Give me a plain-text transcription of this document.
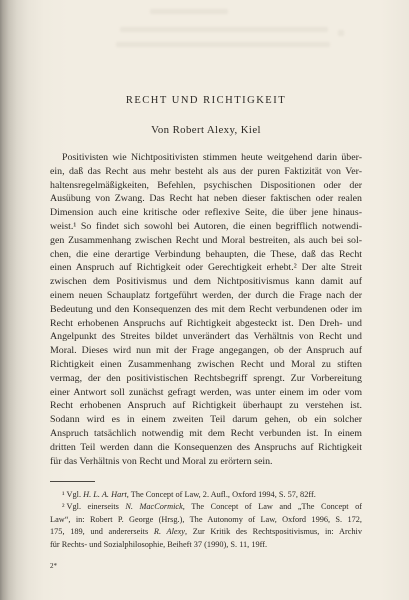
RECHT UND RICHTIGKEIT
Von Robert Alexy, Kiel
Positivisten wie Nichtpositivisten stimmen heute weitgehend darin über-
ein, daß das Recht aus mehr besteht als aus der puren Faktizität von Ver-
haltensregelmäßigkeiten, Befehlen, psychischen Dispositionen oder der
Ausübung von Zwang. Das Recht hat neben dieser faktischen oder realen
Dimension auch eine kritische oder reflexive Seite, die über jene hinaus-
weist.¹ So findet sich sowohl bei Autoren, die einen begrifflich notwendi-
gen Zusammenhang zwischen Recht und Moral bestreiten, als auch bei sol-
chen, die eine derartige Verbindung behaupten, die These, daß das Recht
einen Anspruch auf Richtigkeit oder Gerechtigkeit erhebt.² Der alte Streit
zwischen dem Positivismus und dem Nichtpositivismus kann damit auf
einem neuen Schauplatz fortgeführt werden, der durch die Frage nach der
Bedeutung und den Konsequenzen des mit dem Recht verbundenen oder im
Recht erhobenen Anspruchs auf Richtigkeit abgesteckt ist. Den Dreh- und
Angelpunkt des Streites bildet unverändert das Verhältnis von Recht und
Moral. Dieses wird nun mit der Frage angegangen, ob der Anspruch auf
Richtigkeit einen Zusammenhang zwischen Recht und Moral zu stiften
vermag, der den positivistischen Rechtsbegriff sprengt. Zur Vorbereitung
einer Antwort soll zunächst gefragt werden, was unter einem im oder vom
Recht erhobenen Anspruch auf Richtigkeit überhaupt zu verstehen ist.
Sodann wird es in einem zweiten Teil darum gehen, ob ein solcher
Anspruch tatsächlich notwendig mit dem Recht verbunden ist. In einem
dritten Teil werden dann die Konsequenzen des Anspruchs auf Richtigkeit
für das Verhältnis von Recht und Moral zu erörtern sein.
¹ Vgl. H. L. A. Hart, The Concept of Law, 2. Aufl., Oxford 1994, S. 57, 82ff.
² Vgl. einerseits N. MacCormick, The Concept of Law and „The Concept of
Law“, in: Robert P. George (Hrsg.), The Autonomy of Law, Oxford 1996, S. 172,
175, 189, und andererseits R. Alexy, Zur Kritik des Rechtspositivismus, in: Archiv
für Rechts- und Sozialphilosophie, Beiheft 37 (1990), S. 11, 19ff.
2*
